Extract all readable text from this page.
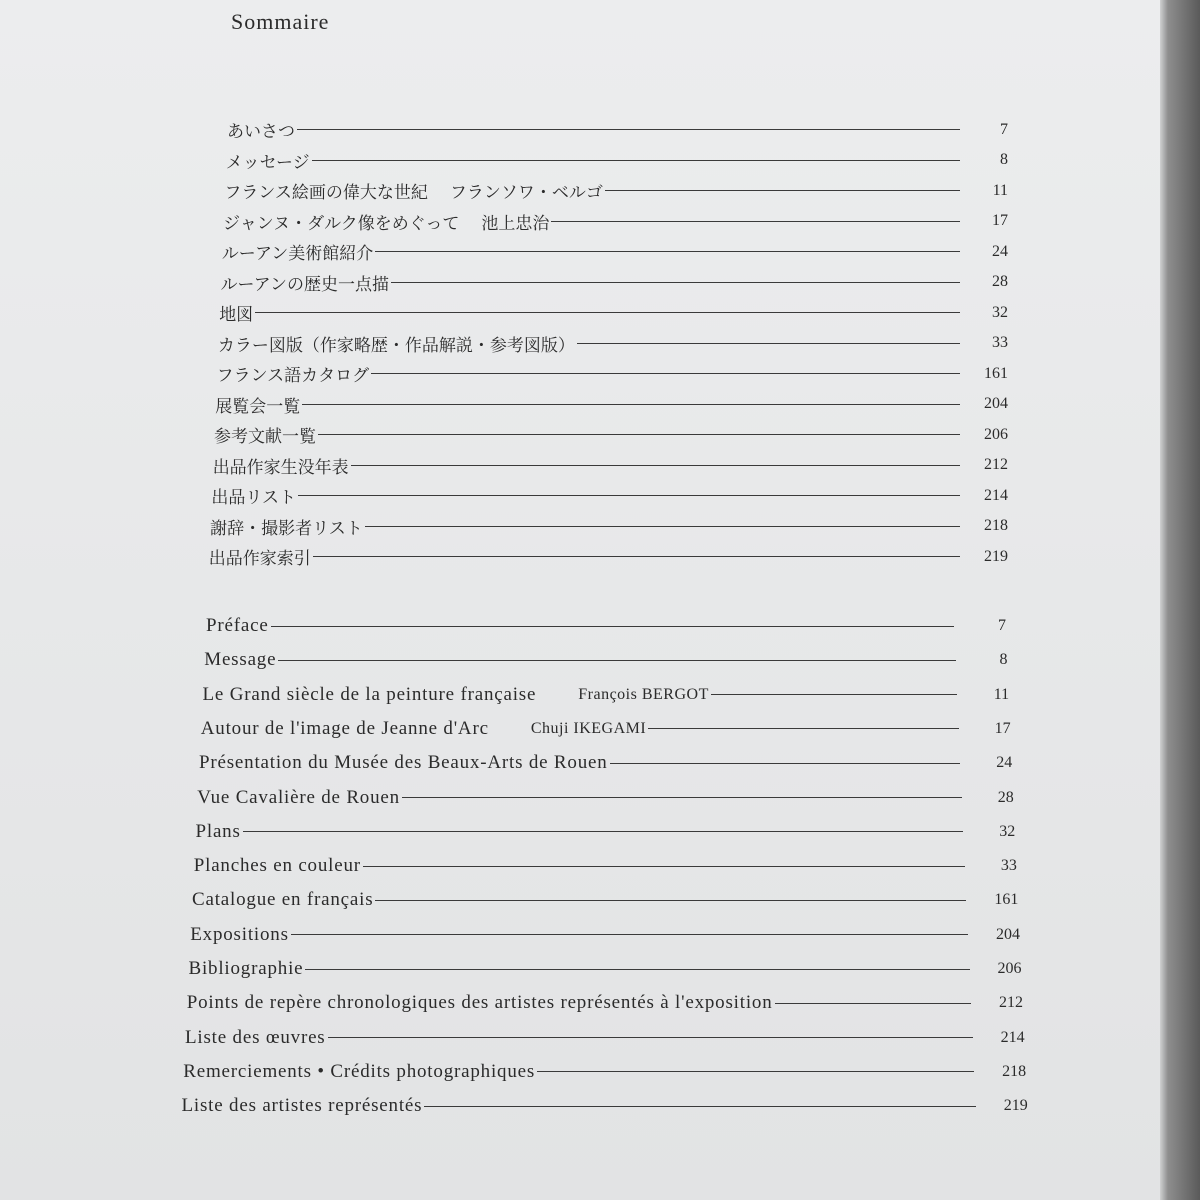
Sommaire
あいさつ	7
メッセージ	8
フランス絵画の偉大な世紀 フランソワ・ベルゴ	11
ジャンヌ・ダルク像をめぐって 池上忠治	17
ルーアン美術館紹介	24
ルーアンの歴史一点描	28
地図	32
カラー図版（作家略歴・作品解説・参考図版）	33
フランス語カタログ	161
展覧会一覧	204
参考文献一覧	206
出品作家生没年表	212
出品リスト	214
謝辞・撮影者リスト	218
出品作家索引	219
Préface	7
Message	8
Le Grand siècle de la peinture française	François BERGOT	11
Autour de l'image de Jeanne d'Arc	Chuji IKEGAMI	17
Présentation du Musée des Beaux-Arts de Rouen	24
Vue Cavalière de Rouen	28
Plans	32
Planches en couleur	33
Catalogue en français	161
Expositions	204
Bibliographie	206
Points de repère chronologiques des artistes représentés à l'exposition	212
Liste des œuvres	214
Remerciements • Crédits photographiques	218
Liste des artistes représentés	219
